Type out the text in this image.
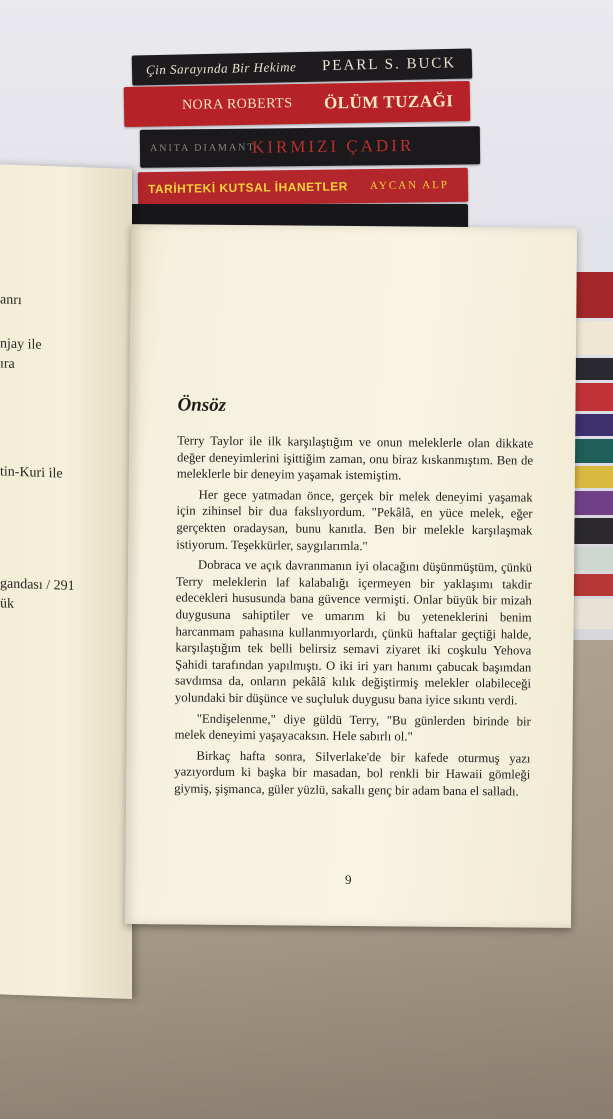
Çin Sarayında Bir Hekime PEARL S. BUCK
NORA ROBERTS ÖLÜM TUZAĞI
ANITA DIAMANT
KIRMIZI ÇADIR
TARİHTEKİ KUTSAL İHANETLER AYCAN ALP
anrı
njay ile
ıra
tin-Kuri ile
gandası / 291
ük
Önsöz

Terry Taylor ile ilk karşılaştığım ve onun meleklerle olan dikkate değer deneyimlerini işittiğim zaman, onu biraz kıskanmıştım. Ben de meleklerle bir deneyim yaşamak istemiştim.

Her gece yatmadan önce, gerçek bir melek deneyimi yaşamak için zihinsel bir dua fakslıyordum. "Pekâlâ, en yüce melek, eğer gerçekten oradaysan, bunu kanıtla. Ben bir melekle karşılaşmak istiyorum. Teşekkürler, saygılarımla."

Dobraca ve açık davranmanın iyi olacağını düşünmüştüm, çünkü Terry meleklerin laf kalabalığı içermeyen bir yaklaşımı takdir edecekleri hususunda bana güvence vermişti. Onlar büyük bir mizah duygusuna sahiptiler ve umarım ki bu yeteneklerini benim harcanmam pahasına kullanmıyorlardı, çünkü haftalar geçtiği halde, karşılaştığım tek belli belirsiz semavi ziyaret iki coşkulu Yehova Şahidi tarafından yapılmıştı. O iki iri yarı hanımı çabucak başımdan savdımsa da, onların pekâlâ kılık değiştirmiş melekler olabileceği yolundaki bir düşünce ve suçluluk duygusu bana iyice sıkıntı verdi.

"Endişelenme," diye güldü Terry, "Bu günlerden birinde bir melek deneyimi yaşayacaksın. Hele sabırlı ol."

Birkaç hafta sonra, Silverlake'de bir kafede oturmuş yazı yazıyordum ki başka bir masadan, bol renkli bir Hawaii gömleği giymiş, şişmanca, güler yüzlü, sakallı genç bir adam bana el salladı.

9
